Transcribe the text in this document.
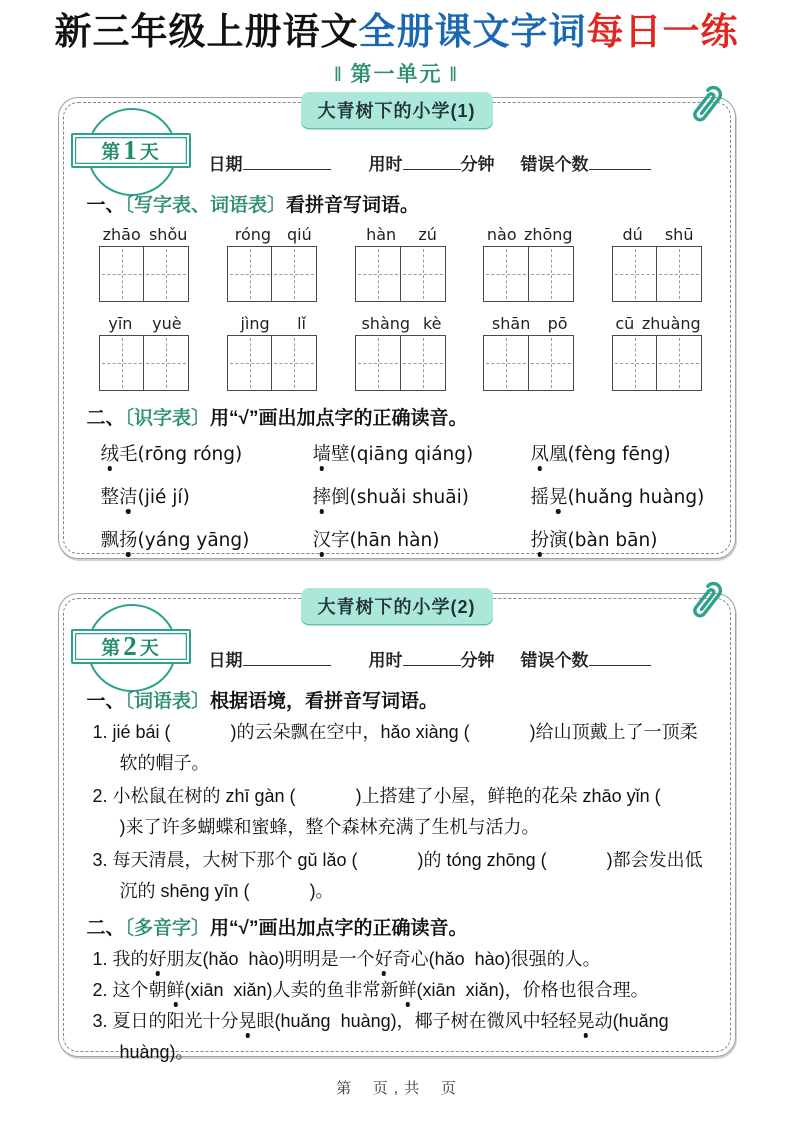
新三年级上册语文全册课文字词每日一练
‖ 第一单元 ‖
第 1 天
大青树下的小学(1)
日期	用时	分钟 错误个数
一、〔写字表、词语表〕看拼音写词语。
zhāo shǒu	róng qiú	hàn zú	nào zhōng	dú shū
yīn yuè	jìng lǐ	shàng kè	shān pō	cū zhuàng
二、〔识字表〕用“√”画出加点字的正确读音。
绒毛(rōng róng)	墙壁(qiāng qiáng)	凤凰(fèng fēng)
整洁(jié jí)	摔倒(shuǎi shuāi)	摇晃(huǎng huàng)
飘扬(yáng yāng)	汉字(hān hàn)	扮演(bàn bān)
第 2 天
大青树下的小学(2)
日期	用时	分钟 错误个数
一、〔词语表〕根据语境，看拼音写词语。
1. jié bái (            )的云朵飘在空中，hǎo xiàng (            )给山顶戴上了一顶柔软的帽子。
2. 小松鼠在树的 zhī gàn (            )上搭建了小屋，鲜艳的花朵 zhāo yǐn (            )来了许多蝴蝶和蜜蜂，整个森林充满了生机与活力。
3. 每天清晨，大树下那个 gǔ lǎo (            )的 tóng zhōng (            )都会发出低沉的 shēng yīn (            )。
二、〔多音字〕用“√”画出加点字的正确读音。
1. 我的好朋友(hǎo  hào)明明是一个好奇心(hǎo  hào)很强的人。
2. 这个朝鲜(xiān  xiǎn)人卖的鱼非常新鲜(xiān  xiǎn)，价格也很合理。
3. 夏日的阳光十分晃眼(huǎng  huàng)，椰子树在微风中轻轻晃动(huǎng  huàng)。
第    页 , 共    页
